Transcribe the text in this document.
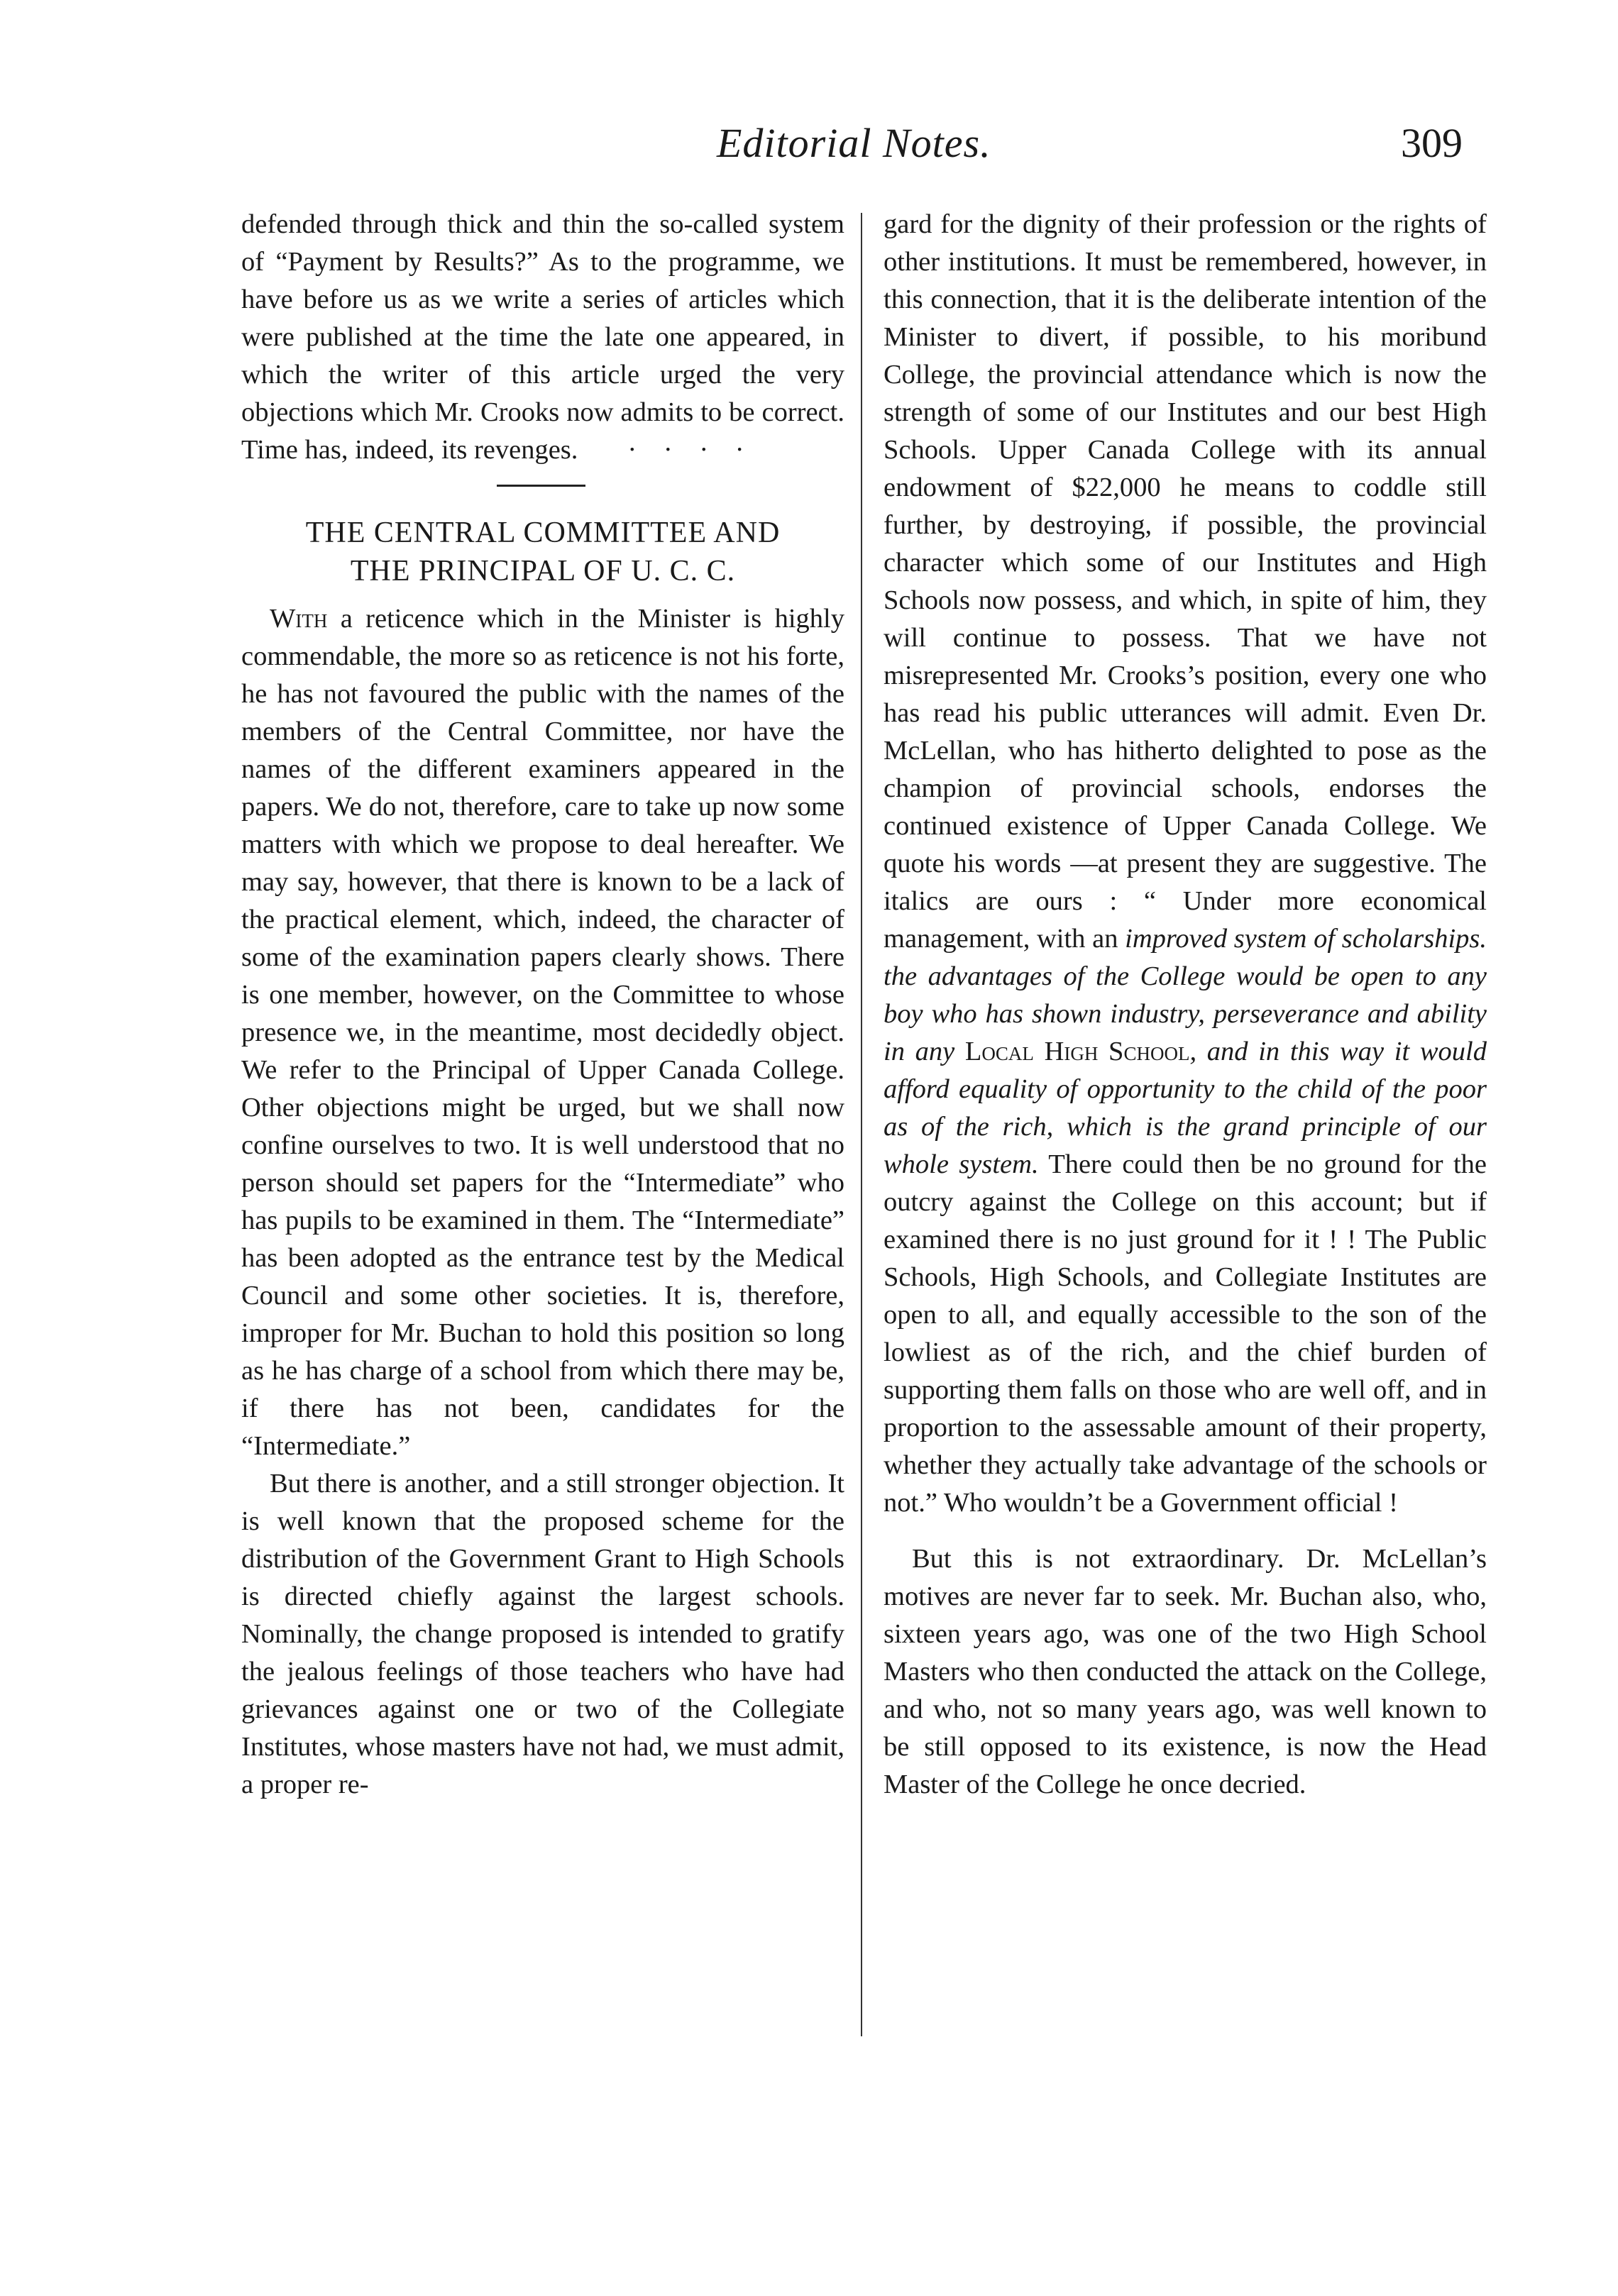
Editorial Notes.	309

defended through thick and thin the so-called system of “Payment by Results?” As to the programme, we have before us as we write a series of articles which were published at the time the late one appeared, in which the writer of this article urged the very objections which Mr. Crooks now admits to be correct. Time has, indeed, its revenges. · · · ·

THE CENTRAL COMMITTEE AND
THE PRINCIPAL OF U. C. C.

With a reticence which in the Minister is highly commendable, the more so as reticence is not his forte, he has not favoured the public with the names of the members of the Central Committee, nor have the names of the different examiners appeared in the papers. We do not, therefore, care to take up now some matters with which we propose to deal hereafter. We may say, however, that there is known to be a lack of the practical element, which, indeed, the character of some of the examination papers clearly shows. There is one member, however, on the Committee to whose presence we, in the meantime, most decidedly object. We refer to the Principal of Upper Canada College. Other objections might be urged, but we shall now confine ourselves to two. It is well understood that no person should set papers for the “Intermediate” who has pupils to be examined in them. The “Intermediate” has been adopted as the entrance test by the Medical Council and some other societies. It is, therefore, improper for Mr. Buchan to hold this position so long as he has charge of a school from which there may be, if there has not been, candidates for the “Intermediate.”

But there is another, and a still stronger objection. It is well known that the proposed scheme for the distribution of the Government Grant to High Schools is directed chiefly against the largest schools. Nominally, the change proposed is intended to gratify the jealous feelings of those teachers who have had grievances against one or two of the Collegiate Institutes, whose masters have not had, we must admit, a proper re-

gard for the dignity of their profession or the rights of other institutions. It must be remembered, however, in this connection, that it is the deliberate intention of the Minister to divert, if possible, to his moribund College, the provincial attendance which is now the strength of some of our Institutes and our best High Schools. Upper Canada College with its annual endowment of $22,000 he means to coddle still further, by destroying, if possible, the provincial character which some of our Institutes and High Schools now possess, and which, in spite of him, they will continue to possess. That we have not misrepresented Mr. Crooks’s position, every one who has read his public utterances will admit. Even Dr. McLellan, who has hitherto delighted to pose as the champion of provincial schools, endorses the continued existence of Upper Canada College. We quote his words —at present they are suggestive. The italics are ours : “ Under more economical management, with an improved system of scholarships. the advantages of the College would be open to any boy who has shown industry, perseverance and ability in any Local High School, and in this way it would afford equality of opportunity to the child of the poor as of the rich, which is the grand principle of our whole system. There could then be no ground for the outcry against the College on this account; but if examined there is no just ground for it ! ! The Public Schools, High Schools, and Collegiate Institutes are open to all, and equally accessible to the son of the lowliest as of the rich, and the chief burden of supporting them falls on those who are well off, and in proportion to the assessable amount of their property, whether they actually take advantage of the schools or not.” Who wouldn’t be a Government official !

But this is not extraordinary. Dr. McLellan’s motives are never far to seek. Mr. Buchan also, who, sixteen years ago, was one of the two High School Masters who then conducted the attack on the College, and who, not so many years ago, was well known to be still opposed to its existence, is now the Head Master of the College he once decried.
